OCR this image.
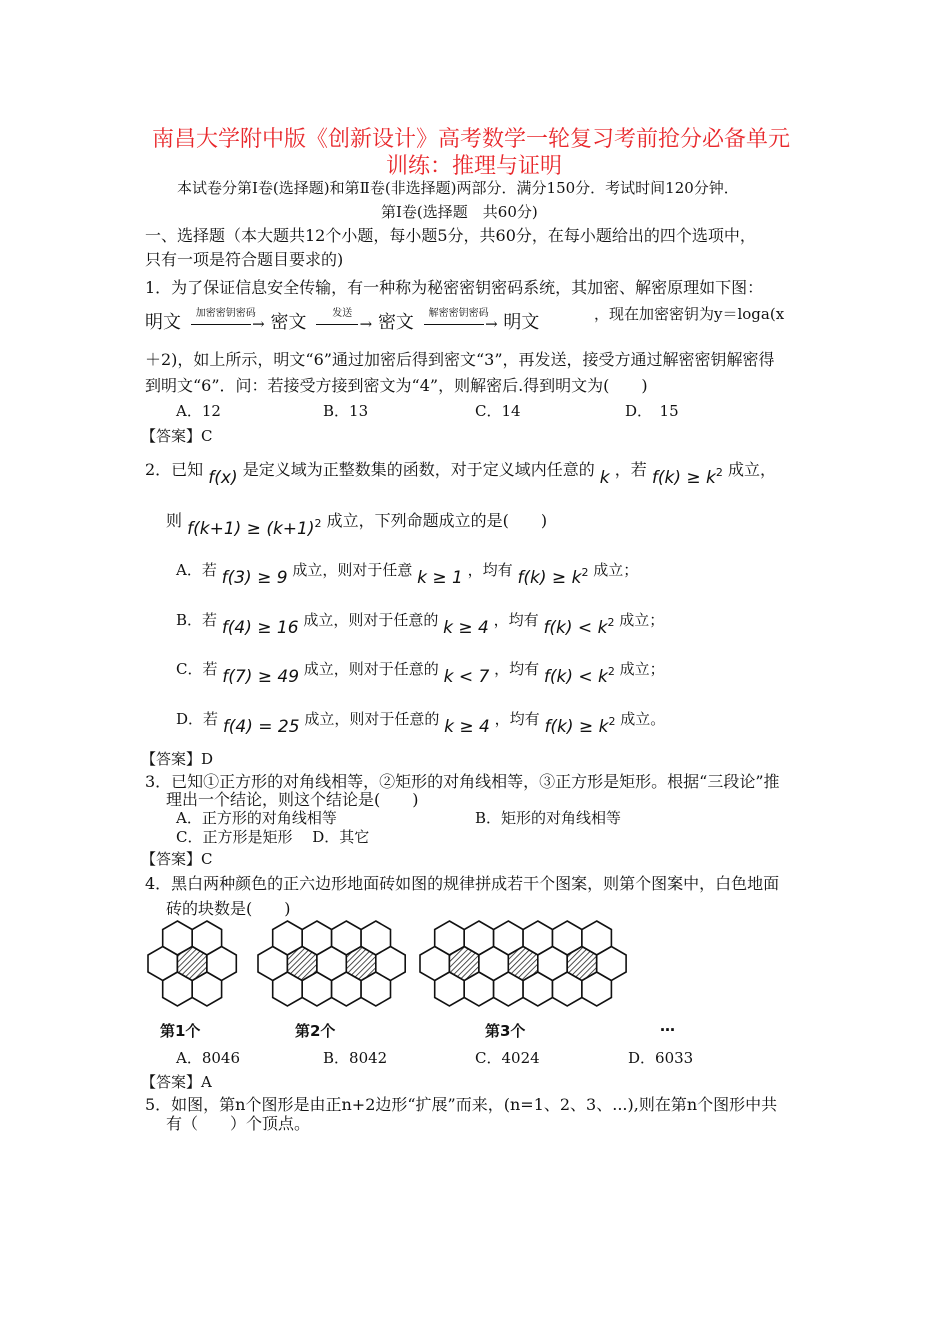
南昌大学附中版《创新设计》高考数学一轮复习考前抢分必备单元
训练：推理与证明
本试卷分第Ⅰ卷(选择题)和第Ⅱ卷(非选择题)两部分．满分150分．考试时间120分钟．
第Ⅰ卷(选择题　共60分)
一、选择题（本大题共12个小题，每小题5分，共60分，在每小题给出的四个选项中，
只有一项是符合题目要求的)
1．为了保证信息安全传输，有一种称为秘密密钥密码系统，其加密、解密原理如下图：
明文	加密密钥密码
→ 密文	发送
→ 密文	解密密钥密码
→ 明文	，现在加密密钥为y＝loga(x
＋2)，如上所示，明文“6”通过加密后得到密文“3”，再发送，接受方通过解密密钥解密得
到明文“6”．问：若接受方接到密文为“4”，则解密后.得到明文为(　　)
A．12	B．13	C．14	D．　15
【答案】C
2．已知 f(x) 是定义域为正整数集的函数，对于定义域内任意的 k ，若 $f(k) \ge k^2$ 成立，
则 $f(k+1) \ge (k+1)^2$ 成立，下列命题成立的是(　　)
A．若 f(3) ≥ 9 成立，则对于任意 k ≥ 1 ，均有 $f(k) \ge k^2$ 成立；
B．若 f(4) ≥ 16 成立，则对于任意的 k ≥ 4 ，均有 $f(k) < k^2$ 成立；
C．若 f(7) ≥ 49 成立，则对于任意的 k < 7 ，均有 $f(k) < k^2$ 成立；
D．若 f(4) = 25 成立，则对于任意的 k ≥ 4 ，均有 $f(k) \ge k^2$ 成立。
【答案】D
3．已知①正方形的对角线相等，②矩形的对角线相等，③正方形是矩形。根据“三段论”推
理出一个结论，则这个结论是(　　)
A．正方形的对角线相等	B．矩形的对角线相等
C．正方形是矩形　 D．其它
【答案】C
4．黑白两种颜色的正六边形地面砖如图的规律拼成若干个图案，则第个图案中，白色地面
砖的块数是(　　)
第1个	第2个	第3个	…
A．8046	B．8042	C．4024	D．6033
【答案】A
5．如图，第n个图形是由正n+2边形“扩展”而来，(n=1、2、3、...),则在第n个图形中共
有（　　）个顶点。
